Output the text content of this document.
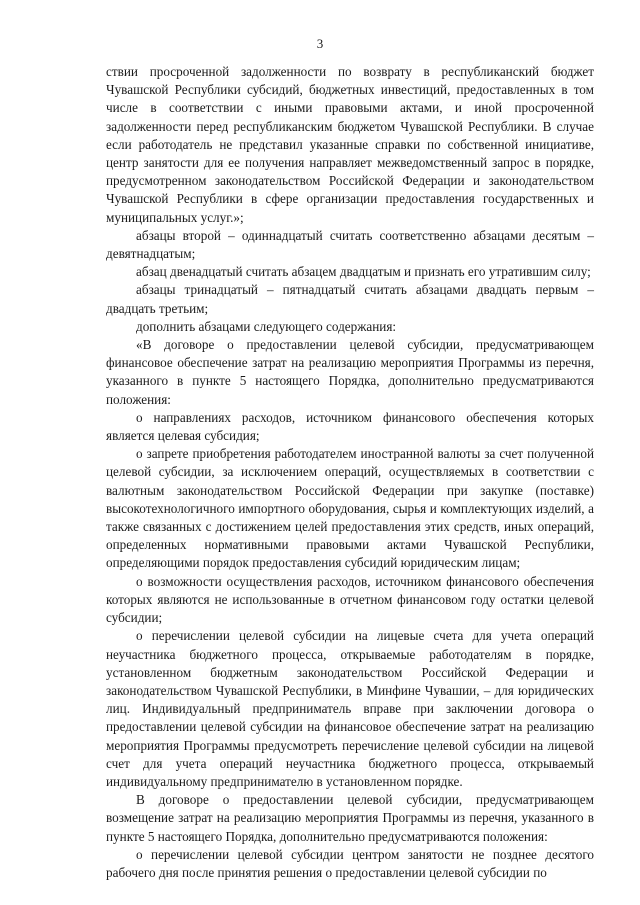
3

ствии просроченной задолженности по возврату в республиканский бюджет Чувашской Республики субсидий, бюджетных инвестиций, предоставленных в том числе в соответствии с иными правовыми актами, и иной просроченной задолженности перед республиканским бюджетом Чувашской Республики. В случае если работодатель не представил указанные справки по собственной инициативе, центр занятости для ее получения направляет межведомственный запрос в порядке, предусмотренном законодательством Российской Федерации и законодательством Чувашской Республики в сфере организации предоставления государственных и муниципальных услуг.»;

абзацы второй – одиннадцатый считать соответственно абзацами десятым – девятнадцатым;

абзац двенадцатый считать абзацем двадцатым и признать его утратившим силу;

абзацы тринадцатый – пятнадцатый считать абзацами двадцать первым – двадцать третьим;

дополнить абзацами следующего содержания:

«В договоре о предоставлении целевой субсидии, предусматривающем финансовое обеспечение затрат на реализацию мероприятия Программы из перечня, указанного в пункте 5 настоящего Порядка, дополнительно предусматриваются положения:

о направлениях расходов, источником финансового обеспечения которых является целевая субсидия;

о запрете приобретения работодателем иностранной валюты за счет полученной целевой субсидии, за исключением операций, осуществляемых в соответствии с валютным законодательством Российской Федерации при закупке (поставке) высокотехнологичного импортного оборудования, сырья и комплектующих изделий, а также связанных с достижением целей предоставления этих средств, иных операций, определенных нормативными правовыми актами Чувашской Республики, определяющими порядок предоставления субсидий юридическим лицам;

о возможности осуществления расходов, источником финансового обеспечения которых являются не использованные в отчетном финансовом году остатки целевой субсидии;

о перечислении целевой субсидии на лицевые счета для учета операций неучастника бюджетного процесса, открываемые работодателям в порядке, установленном бюджетным законодательством Российской Федерации и законодательством Чувашской Республики, в Минфине Чувашии, – для юридических лиц. Индивидуальный предприниматель вправе при заключении договора о предоставлении целевой субсидии на финансовое обеспечение затрат на реализацию мероприятия Программы предусмотреть перечисление целевой субсидии на лицевой счет для учета операций неучастника бюджетного процесса, открываемый индивидуальному предпринимателю в установленном порядке.

В договоре о предоставлении целевой субсидии, предусматривающем возмещение затрат на реализацию мероприятия Программы из перечня, указанного в пункте 5 настоящего Порядка, дополнительно предусматриваются положения:

о перечислении целевой субсидии центром занятости не позднее десятого рабочего дня после принятия решения о предоставлении целевой субсидии по
